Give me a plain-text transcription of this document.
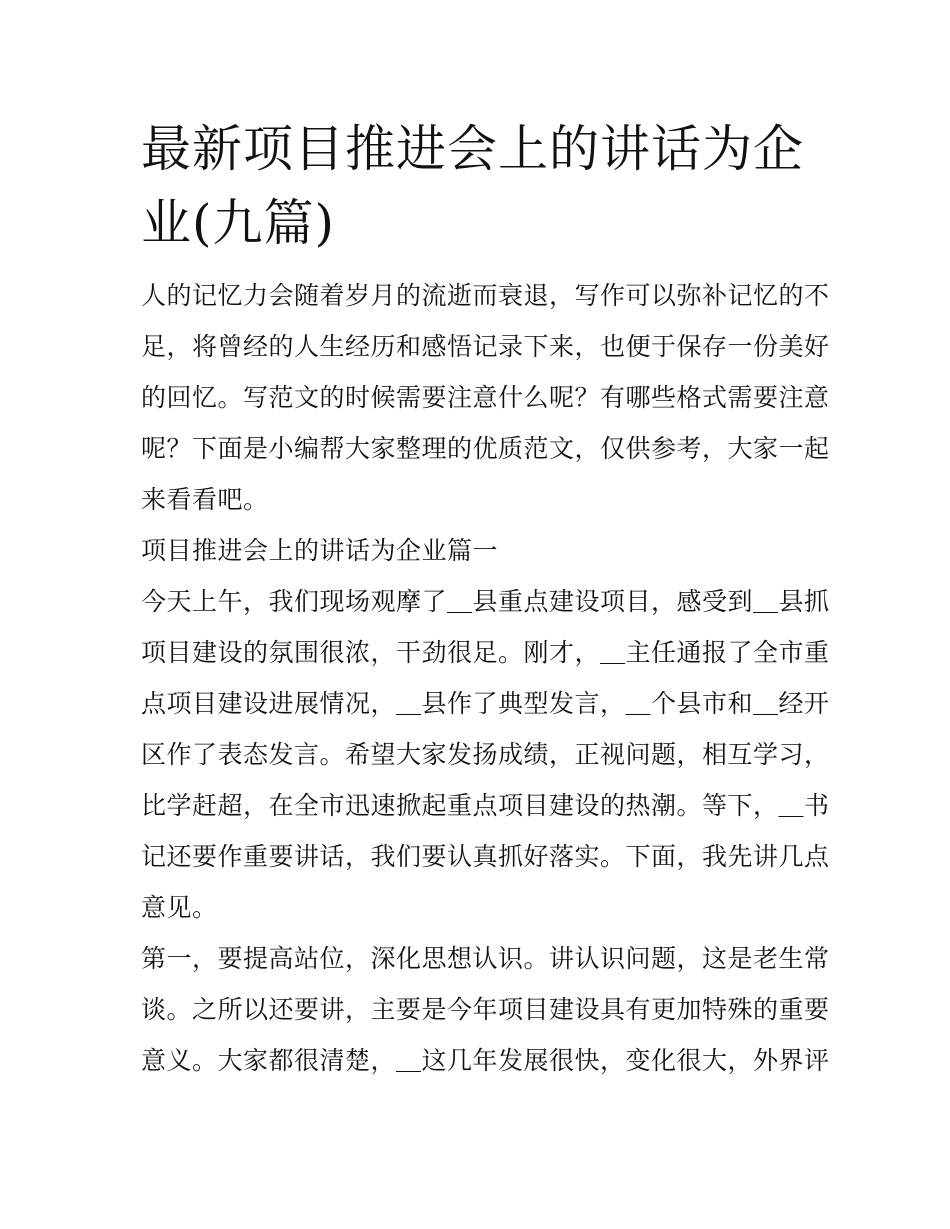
最新项目推进会上的讲话为企
业(九篇)

人的记忆力会随着岁月的流逝而衰退，写作可以弥补记忆的不
足，将曾经的人生经历和感悟记录下来，也便于保存一份美好
的回忆。写范文的时候需要注意什么呢？有哪些格式需要注意
呢？下面是小编帮大家整理的优质范文，仅供参考，大家一起
来看看吧。

项目推进会上的讲话为企业篇一

今天上午，我们现场观摩了＿县重点建设项目，感受到＿县抓
项目建设的氛围很浓，干劲很足。刚才，＿主任通报了全市重
点项目建设进展情况，＿县作了典型发言，＿个县市和＿经开
区作了表态发言。希望大家发扬成绩，正视问题，相互学习，
比学赶超，在全市迅速掀起重点项目建设的热潮。等下，＿书
记还要作重要讲话，我们要认真抓好落实。下面，我先讲几点
意见。

第一，要提高站位，深化思想认识。讲认识问题，这是老生常
谈。之所以还要讲，主要是今年项目建设具有更加特殊的重要
意义。大家都很清楚，＿这几年发展很快，变化很大，外界评
